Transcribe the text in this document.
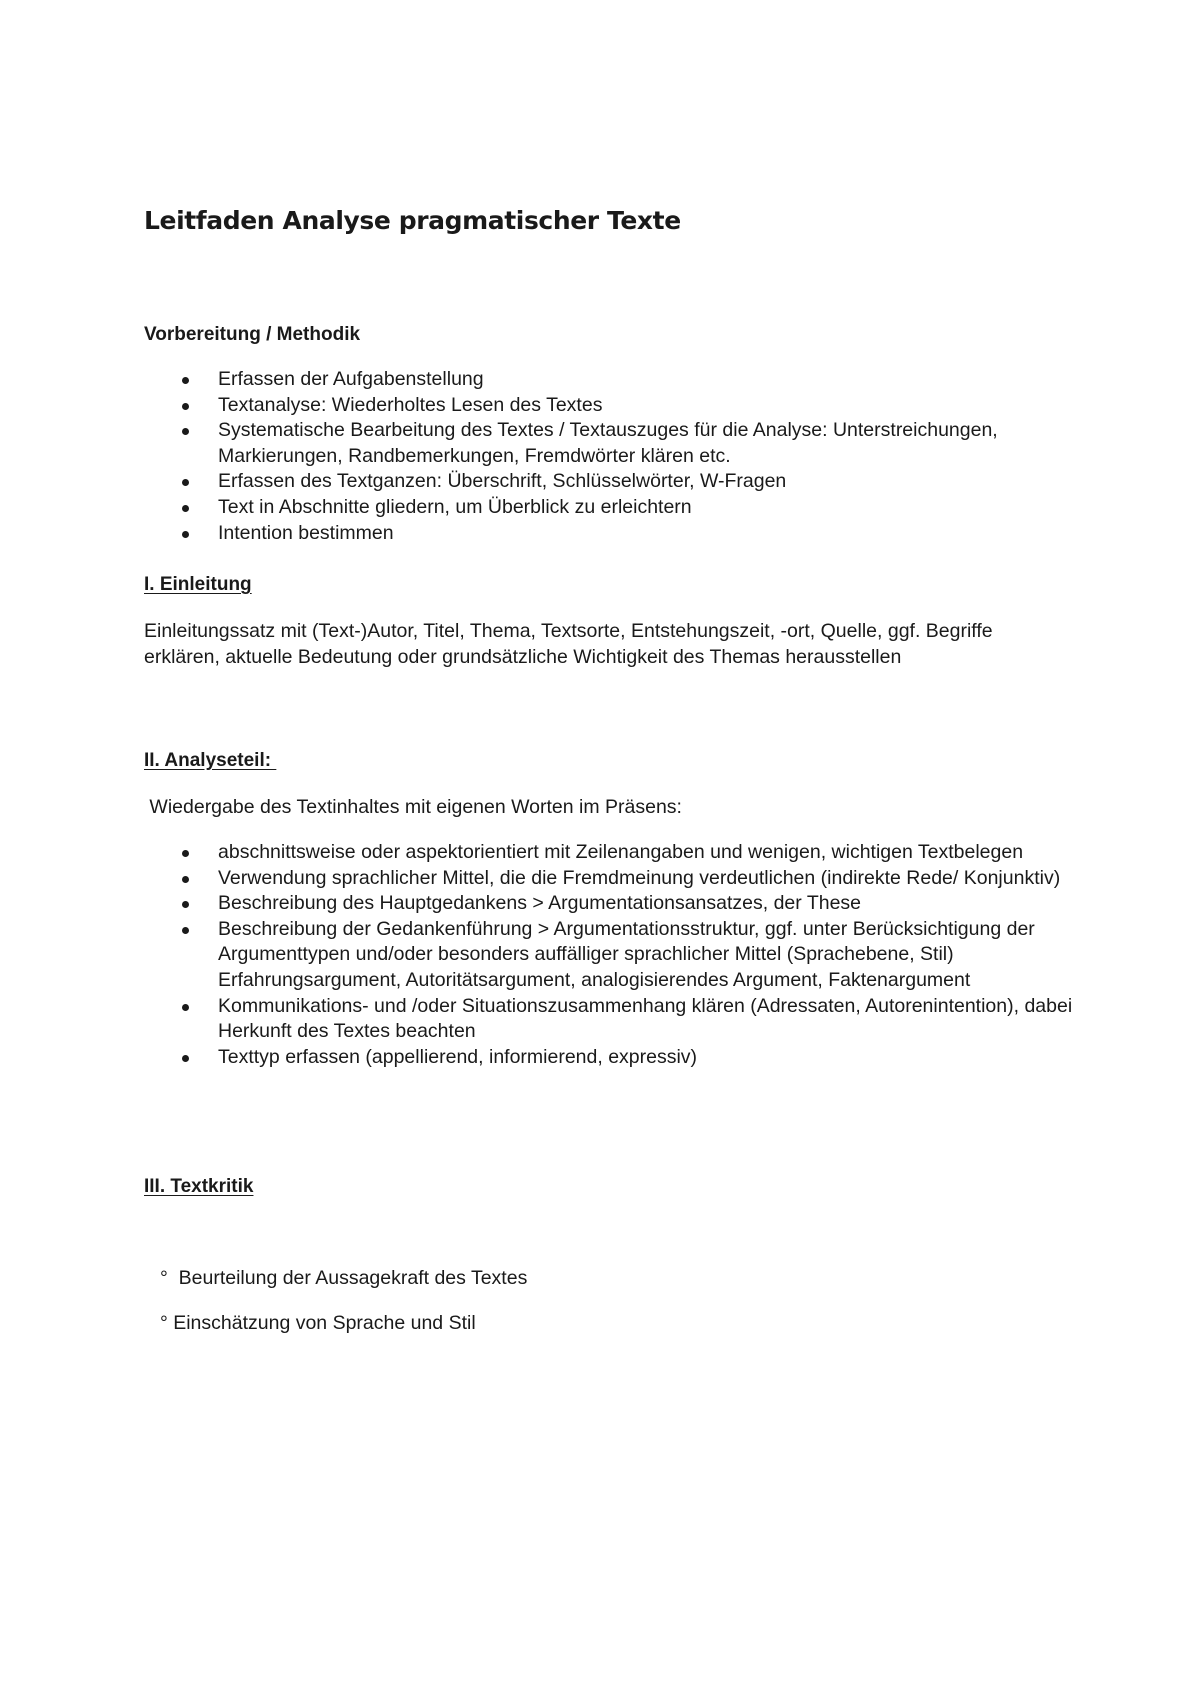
Leitfaden Analyse pragmatischer Texte
Vorbereitung / Methodik
Erfassen der Aufgabenstellung
Textanalyse: Wiederholtes Lesen des Textes
Systematische Bearbeitung des Textes / Textauszuges für die Analyse: Unterstreichungen, Markierungen, Randbemerkungen, Fremdwörter klären etc.
Erfassen des Textganzen: Überschrift, Schlüsselwörter, W-Fragen
Text in Abschnitte gliedern, um Überblick zu erleichtern
Intention bestimmen
I. Einleitung

Einleitungssatz mit (Text-)Autor, Titel, Thema, Textsorte, Entstehungszeit, -ort, Quelle, ggf. Begriffe erklären, aktuelle Bedeutung oder grundsätzliche Wichtigkeit des Themas herausstellen

II. Analyseteil:

Wiedergabe des Textinhaltes mit eigenen Worten im Präsens:

abschnittsweise oder aspektorientiert mit Zeilenangaben und wenigen, wichtigen Textbelegen
Verwendung sprachlicher Mittel, die die Fremdmeinung verdeutlichen (indirekte Rede/ Konjunktiv)
Beschreibung des Hauptgedankens > Argumentationsansatzes, der These
Beschreibung der Gedankenführung > Argumentationsstruktur, ggf. unter Berücksichtigung der Argumenttypen und/oder besonders auffälliger sprachlicher Mittel (Sprachebene, Stil) Erfahrungsargument, Autoritätsargument, analogisierendes Argument, Faktenargument
Kommunikations- und /oder Situationszusammenhang klären (Adressaten, Autorenintention), dabei Herkunft des Textes beachten
Texttyp erfassen (appellierend, informierend, expressiv)
III. Textkritik

°  Beurteilung der Aussagekraft des Textes

° Einschätzung von Sprache und Stil
